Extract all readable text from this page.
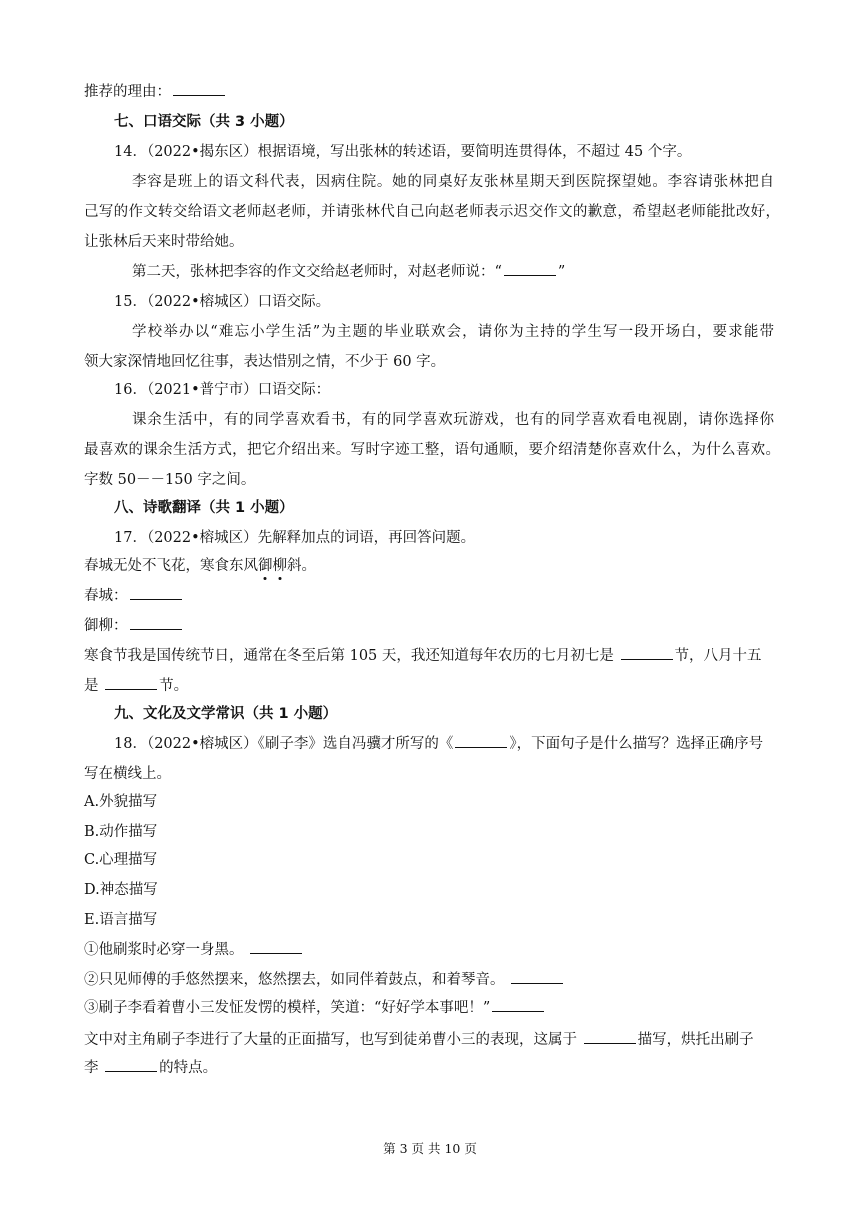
推荐的理由：
七、口语交际（共 3 小题）
14．（2022•揭东区）根据语境，写出张林的转述语，要简明连贯得体，不超过 45 个字。
李容是班上的语文科代表，因病住院。她的同桌好友张林星期天到医院探望她。李容请张林把自
己写的作文转交给语文老师赵老师，并请张林代自己向赵老师表示迟交作文的歉意，希望赵老师能批改好，
让张林后天来时带给她。
第二天，张林把李容的作文交给赵老师时，对赵老师说：“	”
15．（2022•榕城区）口语交际。
学校举办以“难忘小学生活”为主题的毕业联欢会，请你为主持的学生写一段开场白，要求能带
领大家深情地回忆往事，表达惜别之情，不少于 60 字。
16．（2021•普宁市）口语交际：
课余生活中，有的同学喜欢看书，有的同学喜欢玩游戏，也有的同学喜欢看电视剧，请你选择你
最喜欢的课余生活方式，把它介绍出来。写时字迹工整，语句通顺，要介绍清楚你喜欢什么，为什么喜欢。
字数 50－－150 字之间。
八、诗歌翻译（共 1 小题）
17．（2022•榕城区）先解释加点的词语，再回答问题。
春城无处不飞花，寒食东风御
柳
斜。
春城：
御柳：
寒食节我是国传统节日，通常在冬至后第 105 天，我还知道每年农历的七月初七是	节，八月十五
是	节。
九、文化及文学常识（共 1 小题）
18．（2022•榕城区）《刷子李》选自冯骥才所写的《	》，下面句子是什么描写？选择正确序号
写在横线上。
A.外貌描写
B.动作描写
C.心理描写
D.神态描写
E.语言描写
①他刷浆时必穿一身黑。
②只见师傅的手悠然摆来，悠然摆去，如同伴着鼓点，和着琴音。
③刷子李看着曹小三发怔发愣的模样，笑道：“好好学本事吧！”
文中对主角刷子李进行了大量的正面描写，也写到徒弟曹小三的表现，这属于	描写，烘托出刷子
李	的特点。
第 3 页 共 10 页
